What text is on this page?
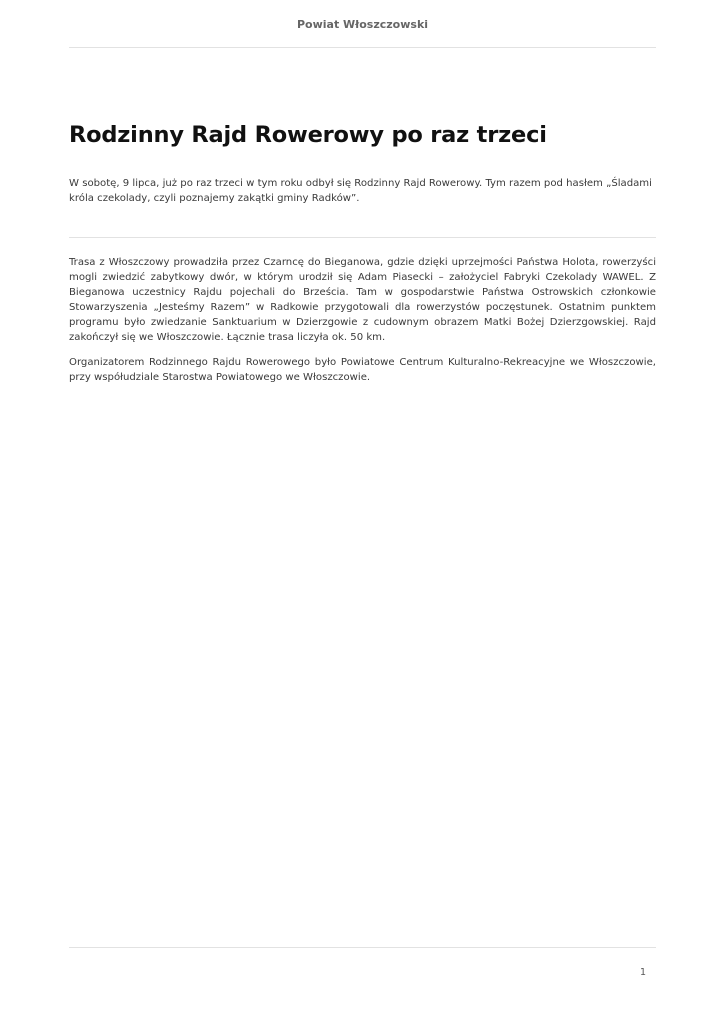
Powiat Włoszczowski
Rodzinny Rajd Rowerowy po raz trzeci

W sobotę, 9 lipca, już po raz trzeci w tym roku odbył się Rodzinny Rajd Rowerowy. Tym razem pod hasłem „Śladami króla czekolady, czyli poznajemy zakątki gminy Radków”.

Trasa z Włoszczowy prowadziła przez Czarncę do Bieganowa, gdzie dzięki uprzejmości Państwa Holota, rowerzyści mogli zwiedzić zabytkowy dwór, w którym urodził się Adam Piasecki – założyciel Fabryki Czekolady WAWEL. Z Bieganowa uczestnicy Rajdu pojechali do Brześcia. Tam w gospodarstwie Państwa Ostrowskich członkowie Stowarzyszenia „Jesteśmy Razem” w Radkowie przygotowali dla rowerzystów poczęstunek. Ostatnim punktem programu było zwiedzanie Sanktuarium w Dzierzgowie z cudownym obrazem Matki Bożej Dzierzgowskiej. Rajd zakończył się we Włoszczowie. Łącznie trasa liczyła ok. 50 km.

Organizatorem Rodzinnego Rajdu Rowerowego było Powiatowe Centrum Kulturalno-Rekreacyjne we Włoszczowie, przy współudziale Starostwa Powiatowego we Włoszczowie.

1
